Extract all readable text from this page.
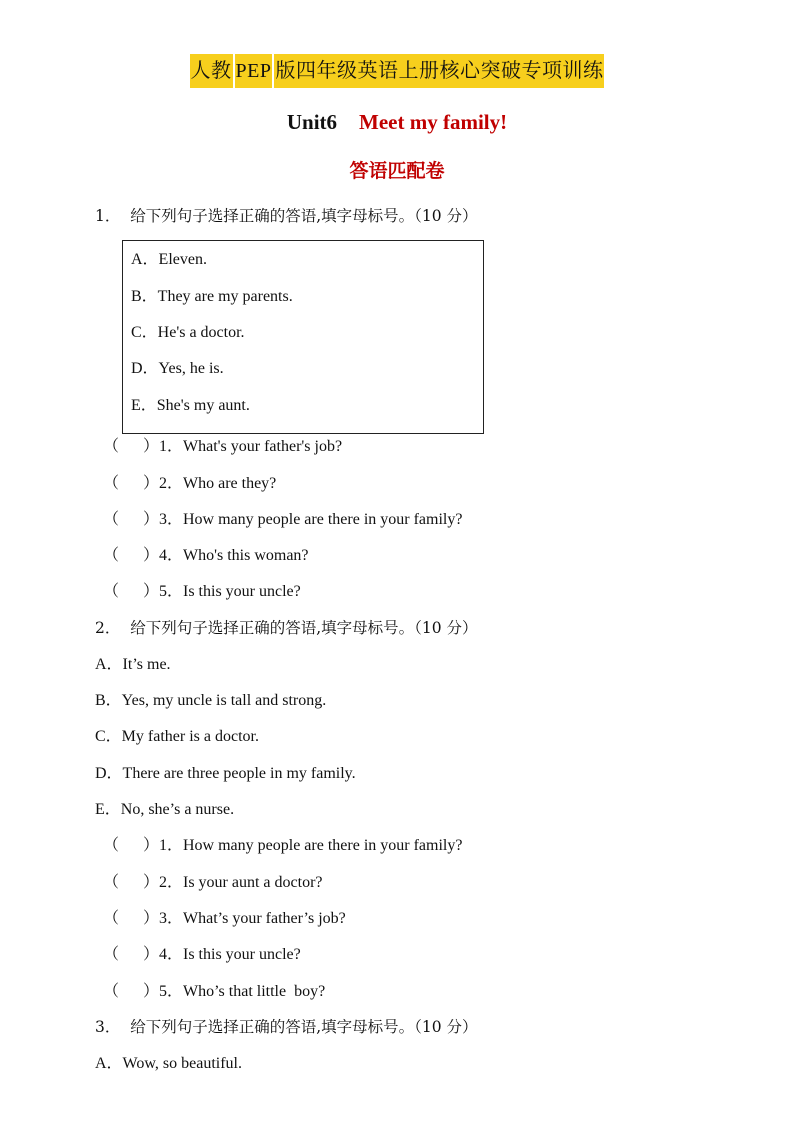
人教 PEP 版四年级英语上册核心突破专项训练
Unit6 Meet my family!
答语匹配卷
1．  给下列句子选择正确的答语,填字母标号。（10 分）
A．Eleven.
B．They are my parents.
C．He's a doctor.
D．Yes, he is.
E．She's my aunt.
（      ）1．What's your father's job?
（      ）2．Who are they?
（      ）3．How many people are there in your family?
（      ）4．Who's this woman?
（      ）5．Is this your uncle?
2．  给下列句子选择正确的答语,填字母标号。（10 分）
A．It’s me.
B．Yes, my uncle is tall and strong.
C．My father is a doctor.
D．There are three people in my family.
E．No, she’s a nurse.
（      ）1．How many people are there in your family?
（      ）2．Is your aunt a doctor?
（      ）3．What’s your father’s job?
（      ）4．Is this your uncle?
（      ）5．Who’s that little  boy?
3．  给下列句子选择正确的答语,填字母标号。（10 分）
A．Wow, so beautiful.
